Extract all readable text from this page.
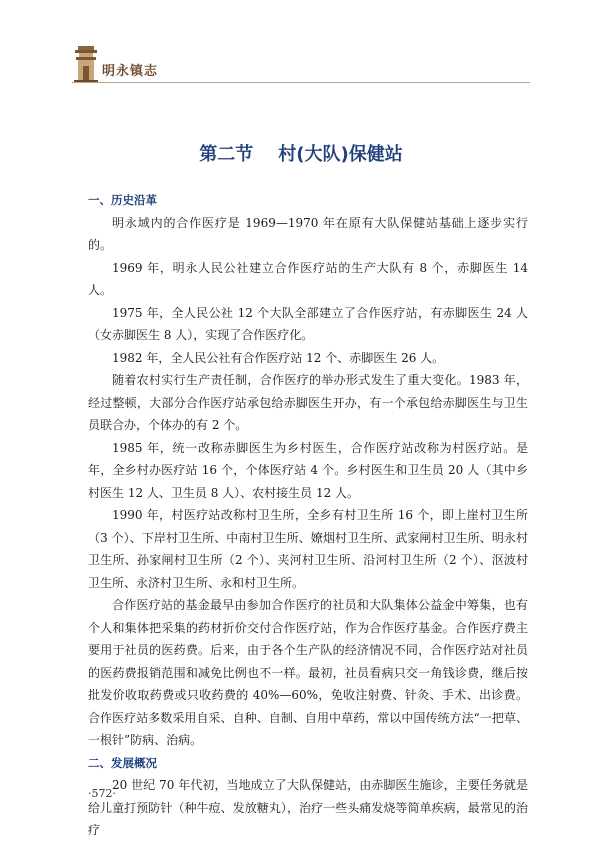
明永镇志
第二节    村(大队)保健站

一、历史沿革

明永域内的合作医疗是 1969—1970 年在原有大队保健站基础上逐步实行的。

1969 年，明永人民公社建立合作医疗站的生产大队有 8 个，赤脚医生 14 人。

1975 年，全人民公社 12 个大队全部建立了合作医疗站，有赤脚医生 24 人（女赤脚医生 8 人），实现了合作医疗化。

1982 年，全人民公社有合作医疗站 12 个、赤脚医生 26 人。

随着农村实行生产责任制，合作医疗的举办形式发生了重大变化。1983 年，经过整顿，大部分合作医疗站承包给赤脚医生开办，有一个承包给赤脚医生与卫生员联合办，个体办的有 2 个。

1985 年，统一改称赤脚医生为乡村医生，合作医疗站改称为村医疗站。是年，全乡村办医疗站 16 个，个体医疗站 4 个。乡村医生和卫生员 20 人（其中乡村医生 12 人、卫生员 8 人）、农村接生员 12 人。

1990 年，村医疗站改称村卫生所，全乡有村卫生所 16 个，即上崖村卫生所（3 个）、下岸村卫生所、中南村卫生所、嫽烟村卫生所、武家闸村卫生所、明永村卫生所、孙家闸村卫生所（2 个）、夹河村卫生所、沿河村卫生所（2 个）、沤波村卫生所、永济村卫生所、永和村卫生所。

合作医疗站的基金最早由参加合作医疗的社员和大队集体公益金中筹集，也有个人和集体把采集的药材折价交付合作医疗站，作为合作医疗基金。合作医疗费主要用于社员的医药费。后来，由于各个生产队的经济情况不同，合作医疗站对社员的医药费报销范围和减免比例也不一样。最初，社员看病只交一角钱诊费，继后按批发价收取药费或只收药费的 40%—60%，免收注射费、针灸、手术、出诊费。合作医疗站多数采用自采、自种、自制、自用中草药，常以中国传统方法“一把草、一根针”防病、治病。

二、发展概况

20 世纪 70 年代初，当地成立了大队保健站，由赤脚医生施诊，主要任务就是给儿童打预防针（种牛痘、发放糖丸），治疗一些头痛发烧等简单疾病，最常见的治疗

·572·
